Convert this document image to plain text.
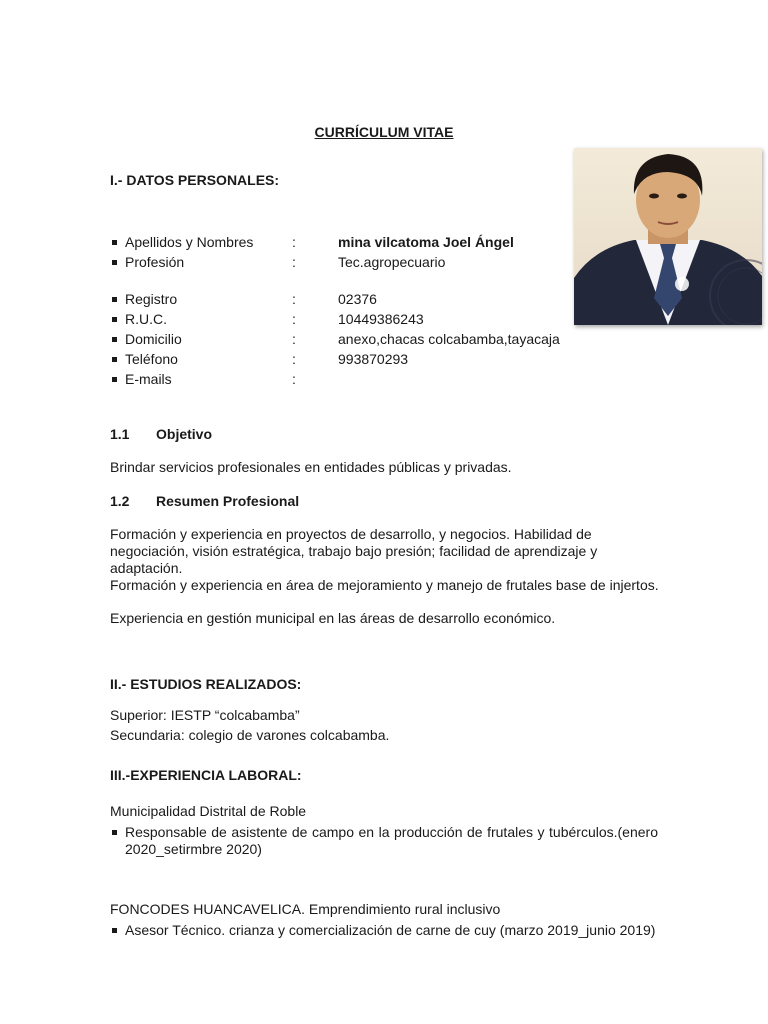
CURRÍCULUM VITAE
I.- DATOS PERSONALES:
Apellidos y Nombres	:	mina vilcatoma Joel Ángel
Profesión	:	Tec.agropecuario
Registro	:	02376
R.U.C.	:	10449386243
Domicilio	:	anexo,chacas colcabamba,tayacaja
Teléfono	:	993870293
E-mails	:
1.1 Objetivo
Brindar servicios profesionales en entidades públicas y privadas.
1.2 Resumen Profesional
Formación y experiencia en proyectos de desarrollo, y negocios. Habilidad de negociación, visión estratégica, trabajo bajo presión; facilidad de aprendizaje y adaptación.
Formación y experiencia en área de mejoramiento y manejo de frutales base de injertos.
Experiencia en gestión municipal en las áreas de desarrollo económico.
II.- ESTUDIOS REALIZADOS:
Superior: IESTP “colcabamba”
Secundaria: colegio de varones colcabamba.
III.-EXPERIENCIA LABORAL:
Municipalidad Distrital de Roble
Responsable de asistente de campo en la producción de frutales y tubérculos.(enero 2020_setirmbre 2020)
FONCODES HUANCAVELICA. Emprendimiento rural inclusivo
Asesor Técnico. crianza y comercialización de carne de cuy (marzo 2019_junio 2019)
